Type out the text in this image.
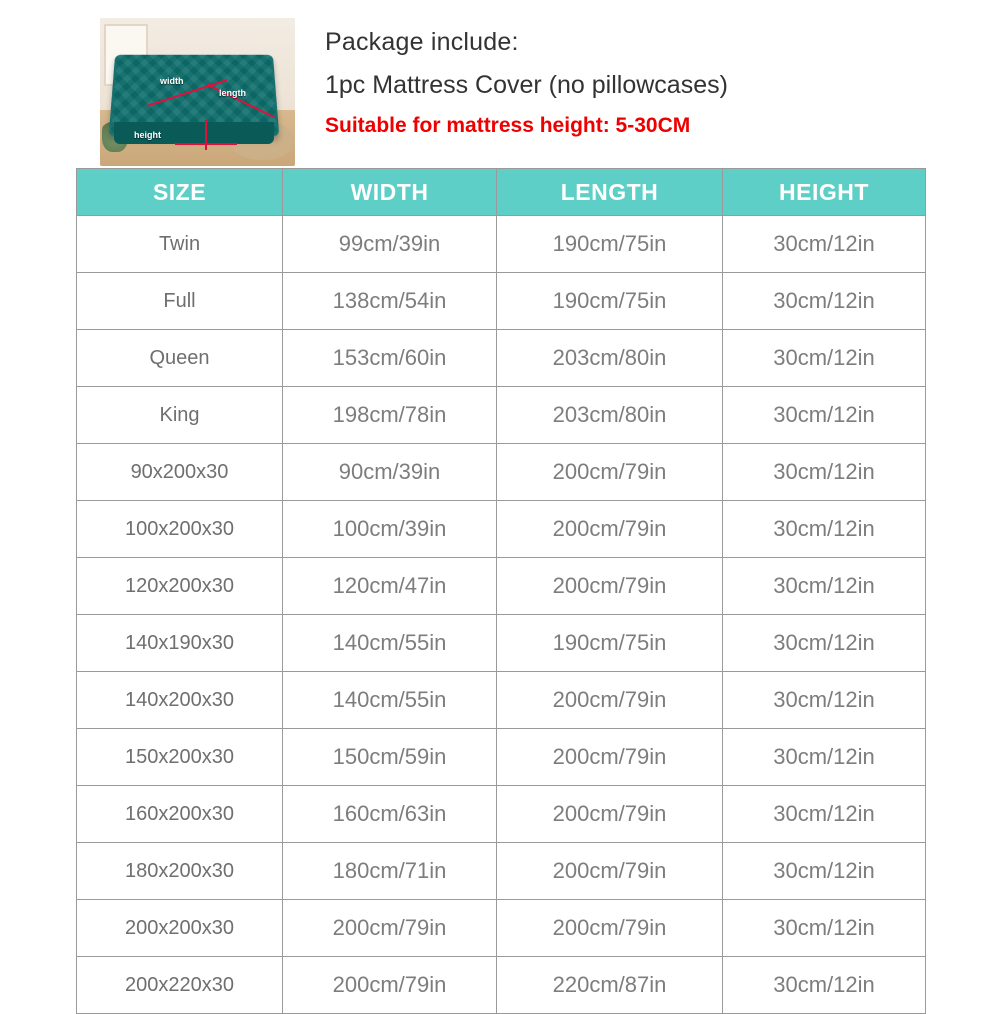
width
length
height

Package include:

1pc Mattress Cover (no pillowcases)

Suitable for mattress height: 5-30CM

SIZE	WIDTH	LENGTH	HEIGHT
Twin	99cm/39in	190cm/75in	30cm/12in
Full	138cm/54in	190cm/75in	30cm/12in
Queen	153cm/60in	203cm/80in	30cm/12in
King	198cm/78in	203cm/80in	30cm/12in
90x200x30	90cm/39in	200cm/79in	30cm/12in
100x200x30	100cm/39in	200cm/79in	30cm/12in
120x200x30	120cm/47in	200cm/79in	30cm/12in
140x190x30	140cm/55in	190cm/75in	30cm/12in
140x200x30	140cm/55in	200cm/79in	30cm/12in
150x200x30	150cm/59in	200cm/79in	30cm/12in
160x200x30	160cm/63in	200cm/79in	30cm/12in
180x200x30	180cm/71in	200cm/79in	30cm/12in
200x200x30	200cm/79in	200cm/79in	30cm/12in
200x220x30	200cm/79in	220cm/87in	30cm/12in
